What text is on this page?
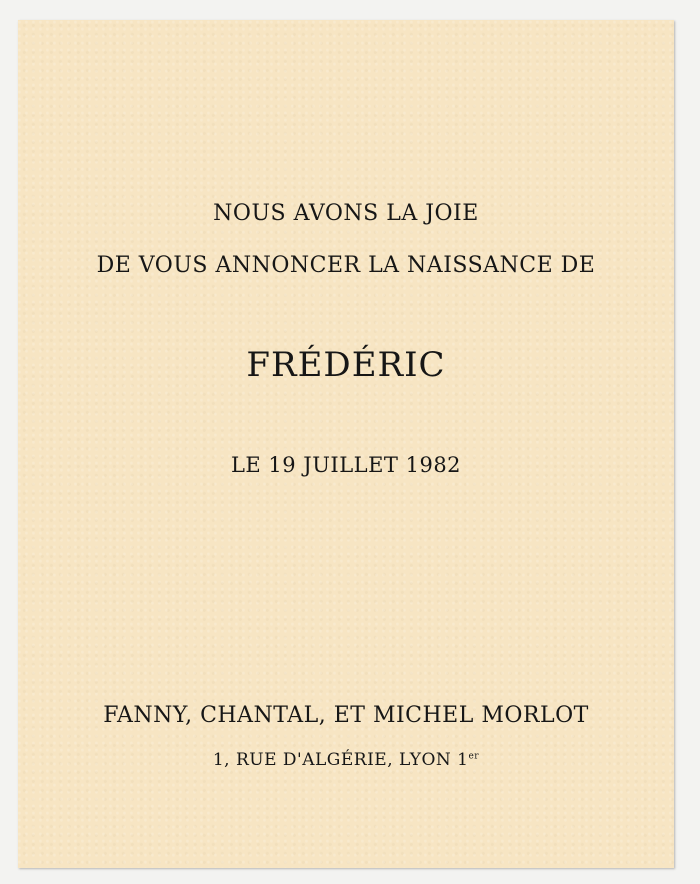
NOUS AVONS LA JOIE
DE VOUS ANNONCER LA NAISSANCE DE
FRÉDÉRIC
LE 19 JUILLET 1982
FANNY, CHANTAL, ET MICHEL MORLOT
1, RUE D'ALGÉRIE, LYON 1er
